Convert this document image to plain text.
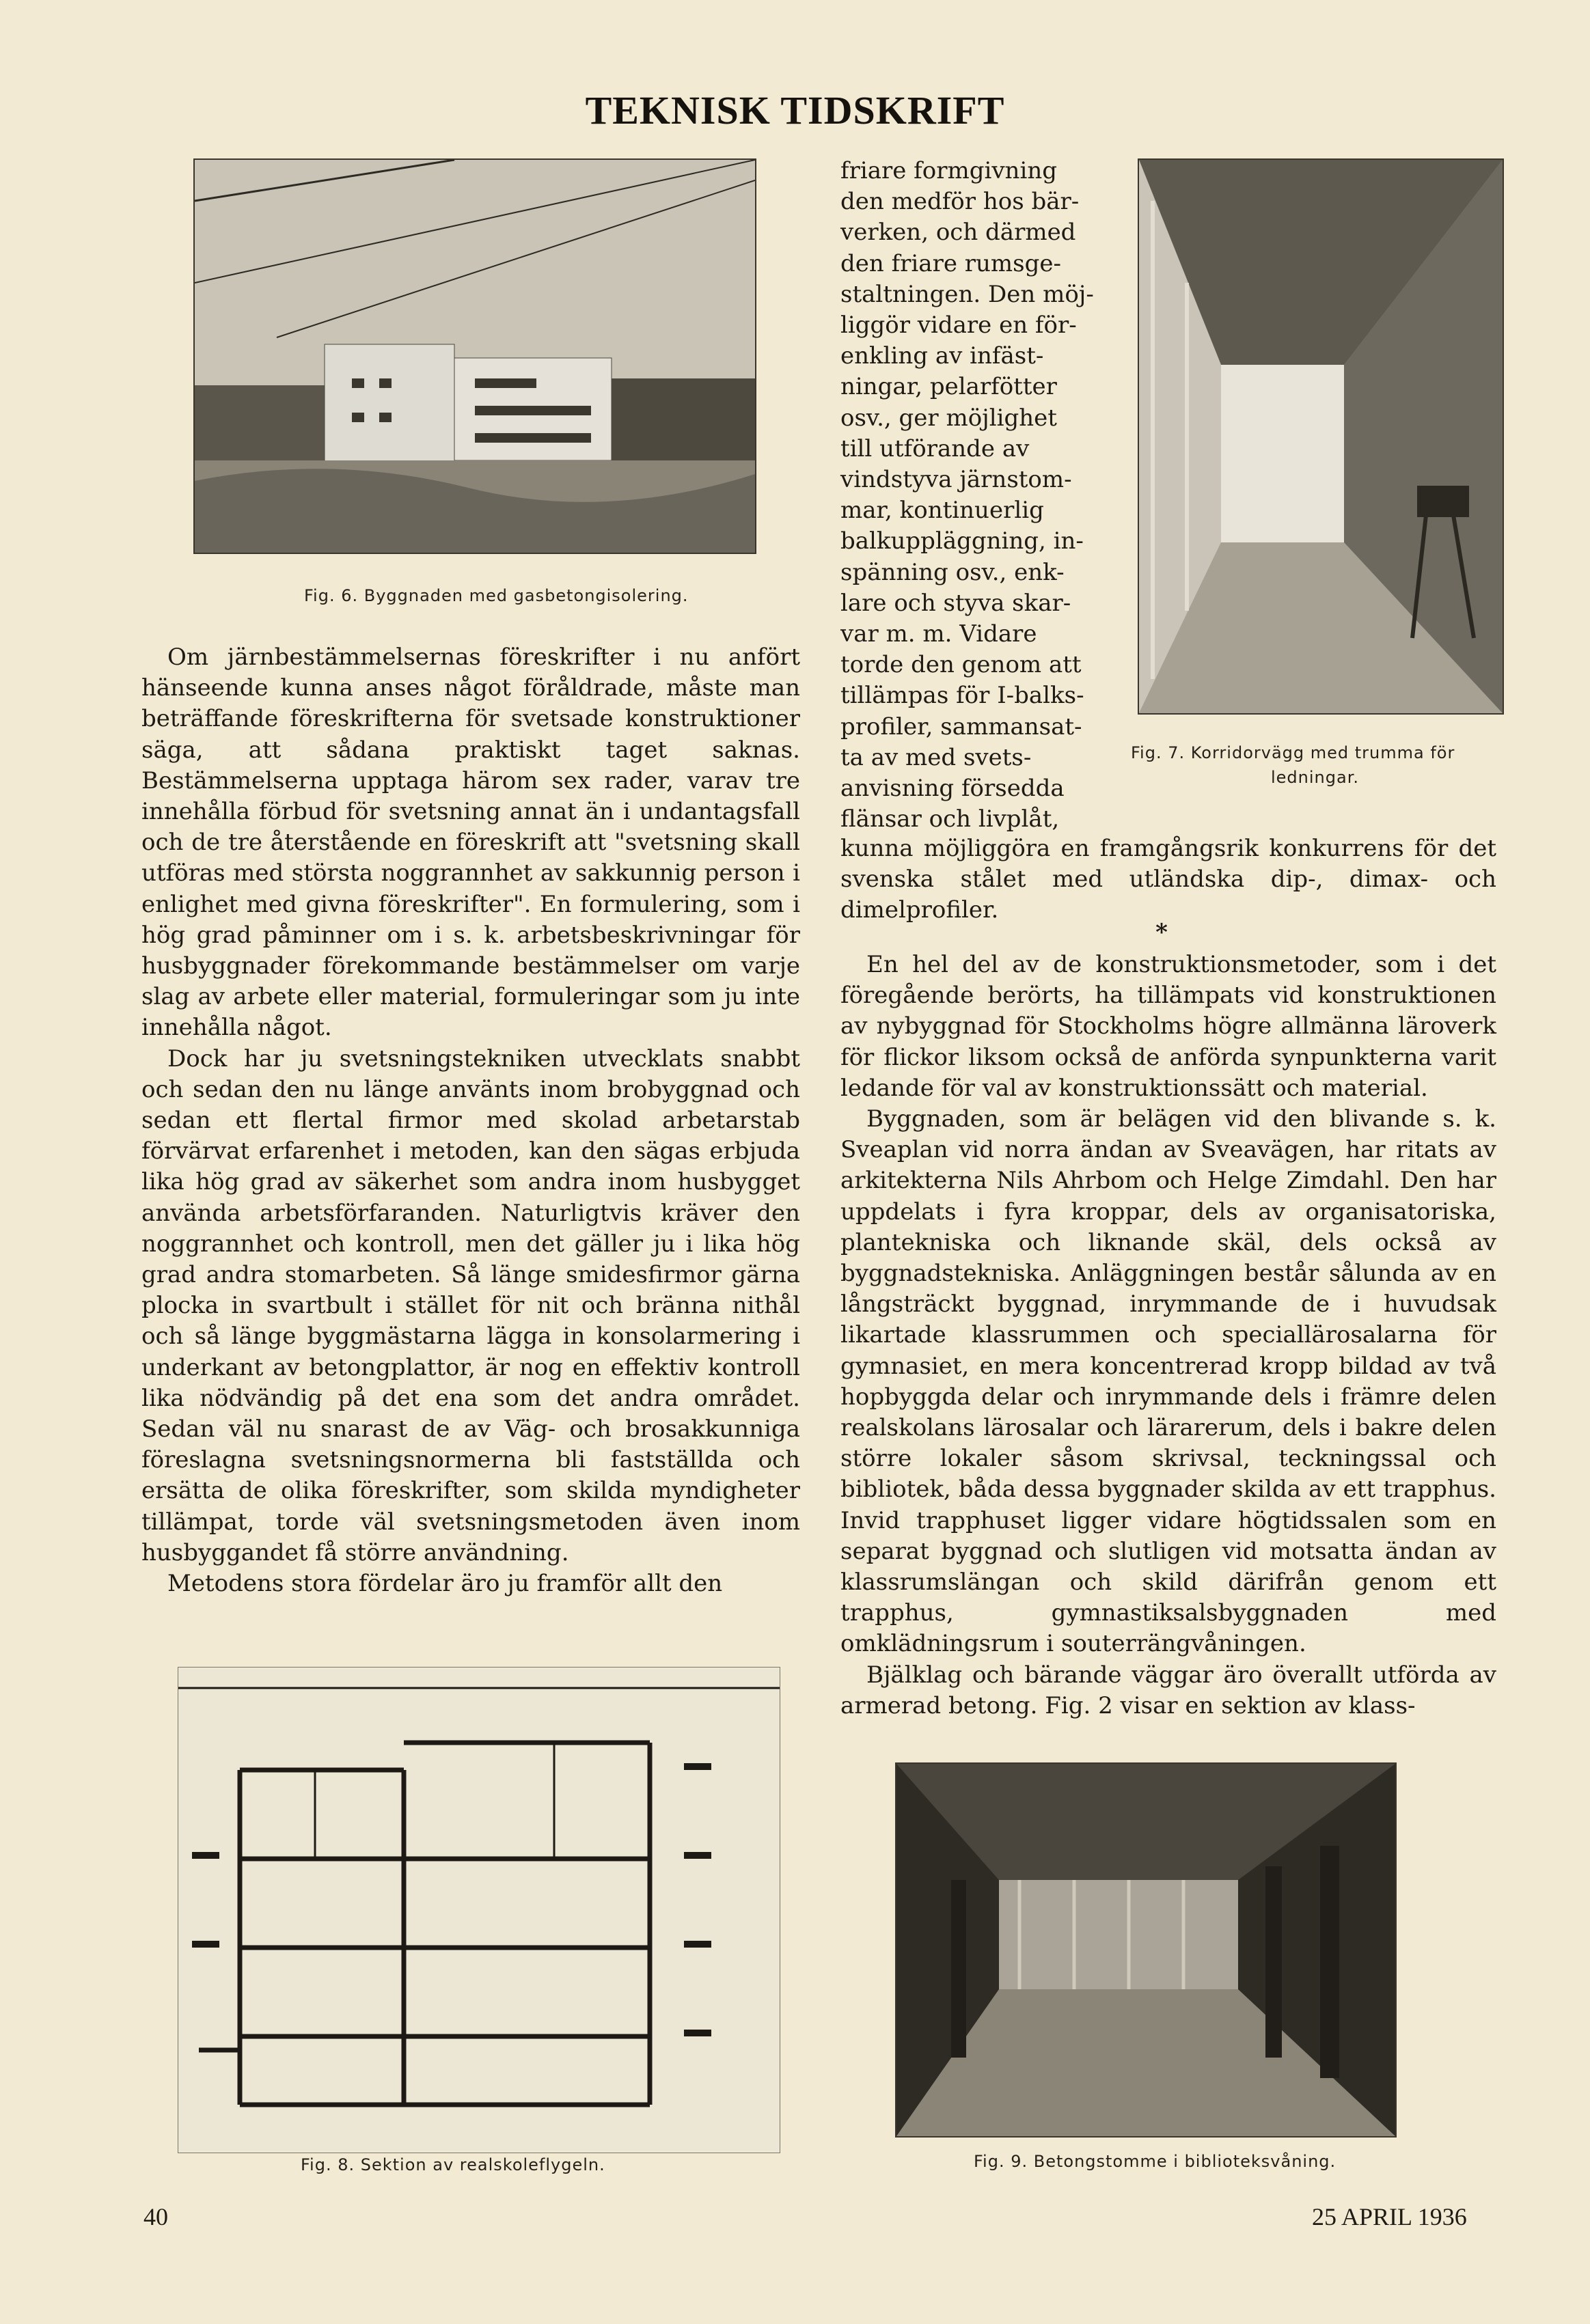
TEKNISK TIDSKRIFT
Fig. 6. Byggnaden med gasbetongisolering.
Fig. 7. Korridorvägg med trumma för
ledningar.

Om järnbestämmelsernas föreskrifter i nu anfört hänseende kunna anses något föråldrade, måste man beträffande föreskrifterna för svetsade konstruktioner säga, att sådana praktiskt taget saknas. Bestämmelserna upptaga härom sex rader, varav tre innehålla förbud för svetsning annat än i undantagsfall och de tre återstående en föreskrift att "svetsning skall utföras med största noggrannhet av sakkunnig person i enlighet med givna föreskrifter". En formulering, som i hög grad påminner om i s. k. arbetsbeskrivningar för husbyggnader förekommande bestämmelser om varje slag av arbete eller material, formuleringar som ju inte innehålla något.

Dock har ju svetsningstekniken utvecklats snabbt och sedan den nu länge använts inom brobyggnad och sedan ett flertal firmor med skolad arbetarstab förvärvat erfarenhet i metoden, kan den sägas erbjuda lika hög grad av säkerhet som andra inom husbygget använda arbetsförfaranden. Naturligtvis kräver den noggrannhet och kontroll, men det gäller ju i lika hög grad andra stomarbeten. Så länge smidesfirmor gärna plocka in svartbult i stället för nit och bränna nithål och så länge byggmästarna lägga in konsolarmering i underkant av betongplattor, är nog en effektiv kontroll lika nödvändig på det ena som det andra området. Sedan väl nu snarast de av Väg- och brosakkunniga föreslagna svetsningsnormerna bli fastställda och ersätta de olika föreskrifter, som skilda myndigheter tillämpat, torde väl svetsningsmetoden även inom husbyggandet få större användning.

Metodens stora fördelar äro ju framför allt den

friare formgivning
den medför hos bär-
verken, och därmed
den friare rumsge-
staltningen. Den möj-
liggör vidare en för-
enkling av infäst-
ningar, pelarfötter
osv., ger möjlighet
till utförande av
vindstyva järnstom-
mar, kontinuerlig
balkuppläggning, in-
spänning osv., enk-
lare och styva skar-
var m. m. Vidare
torde den genom att
tillämpas för I-balks-
profiler, sammansat-
ta av med svets-
anvisning försedda
flänsar och livplåt,

kunna möjliggöra en framgångsrik konkurrens för det svenska stålet med utländska dip-, dimax- och dimelprofiler.

*

En hel del av de konstruktionsmetoder, som i det föregående berörts, ha tillämpats vid konstruktionen av nybyggnad för Stockholms högre allmänna läroverk för flickor liksom också de anförda synpunkterna varit ledande för val av konstruktionssätt och material.

Byggnaden, som är belägen vid den blivande s. k. Sveaplan vid norra ändan av Sveavägen, har ritats av arkitekterna Nils Ahrbom och Helge Zimdahl. Den har uppdelats i fyra kroppar, dels av organisatoriska, plantekniska och liknande skäl, dels också av byggnadstekniska. Anläggningen består sålunda av en långsträckt byggnad, inrymmande de i huvudsak likartade klassrummen och speciallärosalarna för gymnasiet, en mera koncentrerad kropp bildad av två hopbyggda delar och inrymmande dels i främre delen realskolans lärosalar och lärarerum, dels i bakre delen större lokaler såsom skrivsal, teckningssal och bibliotek, båda dessa byggnader skilda av ett trapphus. Invid trapphuset ligger vidare högtidssalen som en separat byggnad och slutligen vid motsatta ändan av klassrumslängan och skild därifrån genom ett trapphus, gymnastiksalsbyggnaden med omklädningsrum i souterrängvåningen.

Bjälklag och bärande väggar äro överallt utförda av armerad betong. Fig. 2 visar en sektion av klass-

Fig. 8. Sektion av realskoleflygeln.	Fig. 9. Betongstomme i biblioteksvåning.
40	25 APRIL 1936
